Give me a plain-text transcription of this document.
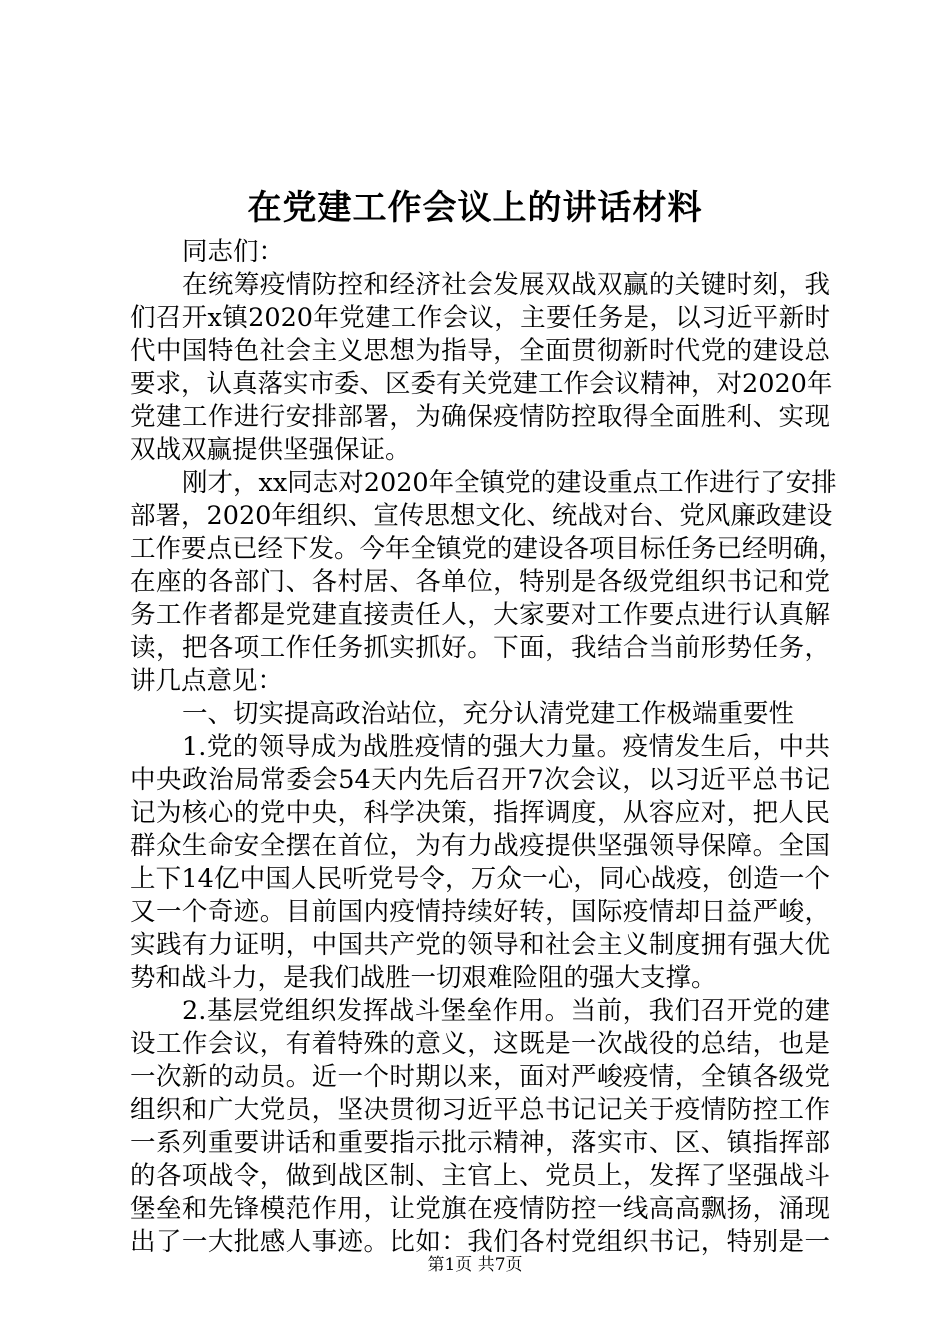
在党建工作会议上的讲话材料
同志们：
在统筹疫情防控和经济社会发展双战双赢的关键时刻，我
们召开x镇2020年党建工作会议，主要任务是，以习近平新时
代中国特色社会主义思想为指导，全面贯彻新时代党的建设总
要求，认真落实市委、区委有关党建工作会议精神，对2020年
党建工作进行安排部署，为确保疫情防控取得全面胜利、实现
双战双赢提供坚强保证。
刚才，xx同志对2020年全镇党的建设重点工作进行了安排
部署，2020年组织、宣传思想文化、统战对台、党风廉政建设
工作要点已经下发。今年全镇党的建设各项目标任务已经明确，
在座的各部门、各村居、各单位，特别是各级党组织书记和党
务工作者都是党建直接责任人，大家要对工作要点进行认真解
读，把各项工作任务抓实抓好。下面，我结合当前形势任务，
讲几点意见：
一、切实提高政治站位，充分认清党建工作极端重要性
1.党的领导成为战胜疫情的强大力量。疫情发生后，中共
中央政治局常委会54天内先后召开7次会议，以习近平总书记
记为核心的党中央，科学决策，指挥调度，从容应对，把人民
群众生命安全摆在首位，为有力战疫提供坚强领导保障。全国
上下14亿中国人民听党号令，万众一心，同心战疫，创造一个
又一个奇迹。目前国内疫情持续好转，国际疫情却日益严峻，
实践有力证明，中国共产党的领导和社会主义制度拥有强大优
势和战斗力，是我们战胜一切艰难险阻的强大支撑。
2.基层党组织发挥战斗堡垒作用。当前，我们召开党的建
设工作会议，有着特殊的意义，这既是一次战役的总结，也是
一次新的动员。近一个时期以来，面对严峻疫情，全镇各级党
组织和广大党员，坚决贯彻习近平总书记记关于疫情防控工作
一系列重要讲话和重要指示批示精神，落实市、区、镇指挥部
的各项战令，做到战区制、主官上、党员上，发挥了坚强战斗
堡垒和先锋模范作用，让党旗在疫情防控一线高高飘扬，涌现
出了一大批感人事迹。比如：我们各村党组织书记，特别是一
第1页 共7页
